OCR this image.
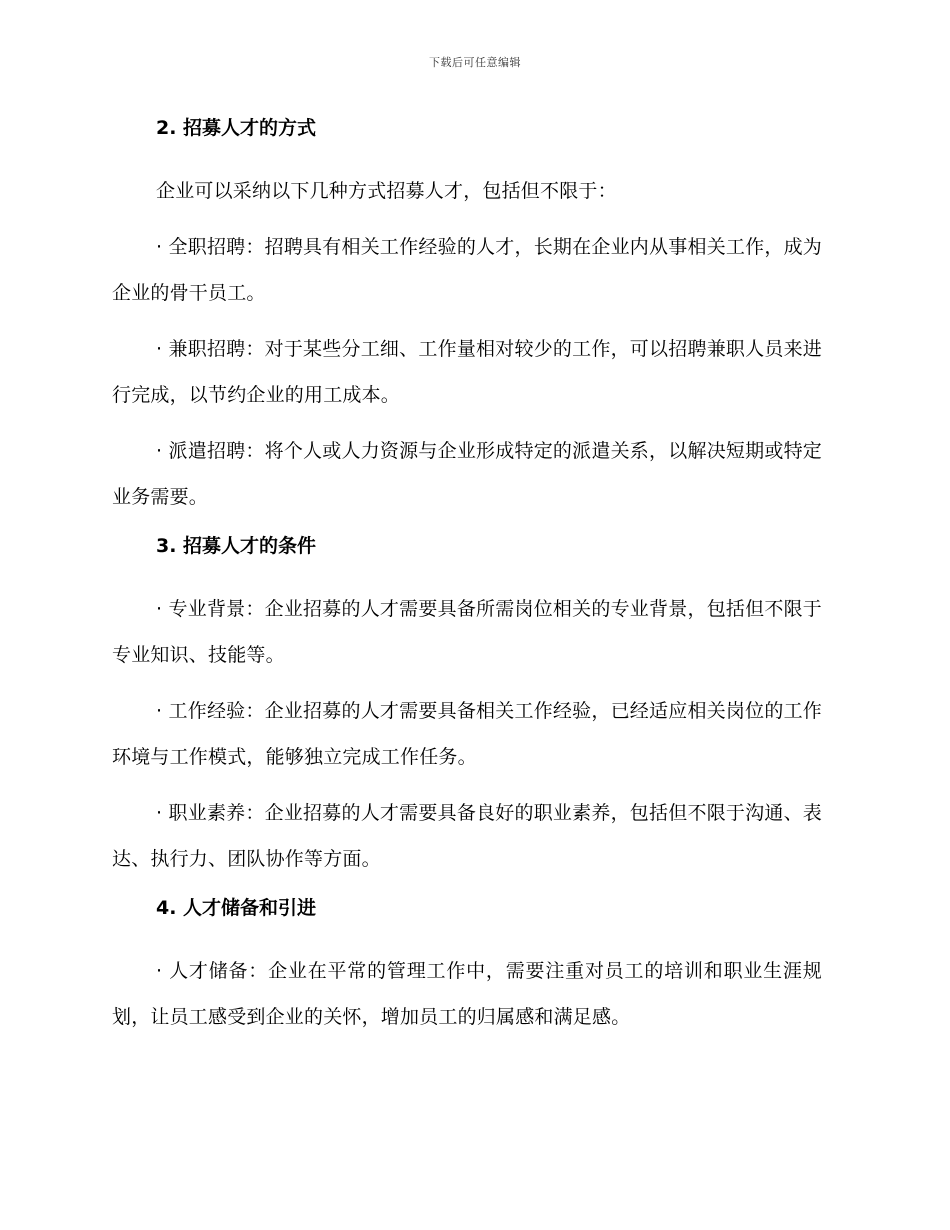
下载后可任意编辑
2. 招募人才的方式

企业可以采纳以下几种方式招募人才，包括但不限于：

· 全职招聘：招聘具有相关工作经验的人才，长期在企业内从事相关工作，成为企业的骨干员工。

· 兼职招聘：对于某些分工细、工作量相对较少的工作，可以招聘兼职人员来进行完成，以节约企业的用工成本。

· 派遣招聘：将个人或人力资源与企业形成特定的派遣关系，以解决短期或特定业务需要。

3. 招募人才的条件

· 专业背景：企业招募的人才需要具备所需岗位相关的专业背景，包括但不限于专业知识、技能等。

· 工作经验：企业招募的人才需要具备相关工作经验，已经适应相关岗位的工作环境与工作模式，能够独立完成工作任务。

· 职业素养：企业招募的人才需要具备良好的职业素养，包括但不限于沟通、表达、执行力、团队协作等方面。

4. 人才储备和引进

· 人才储备：企业在平常的管理工作中，需要注重对员工的培训和职业生涯规划，让员工感受到企业的关怀，增加员工的归属感和满足感。
